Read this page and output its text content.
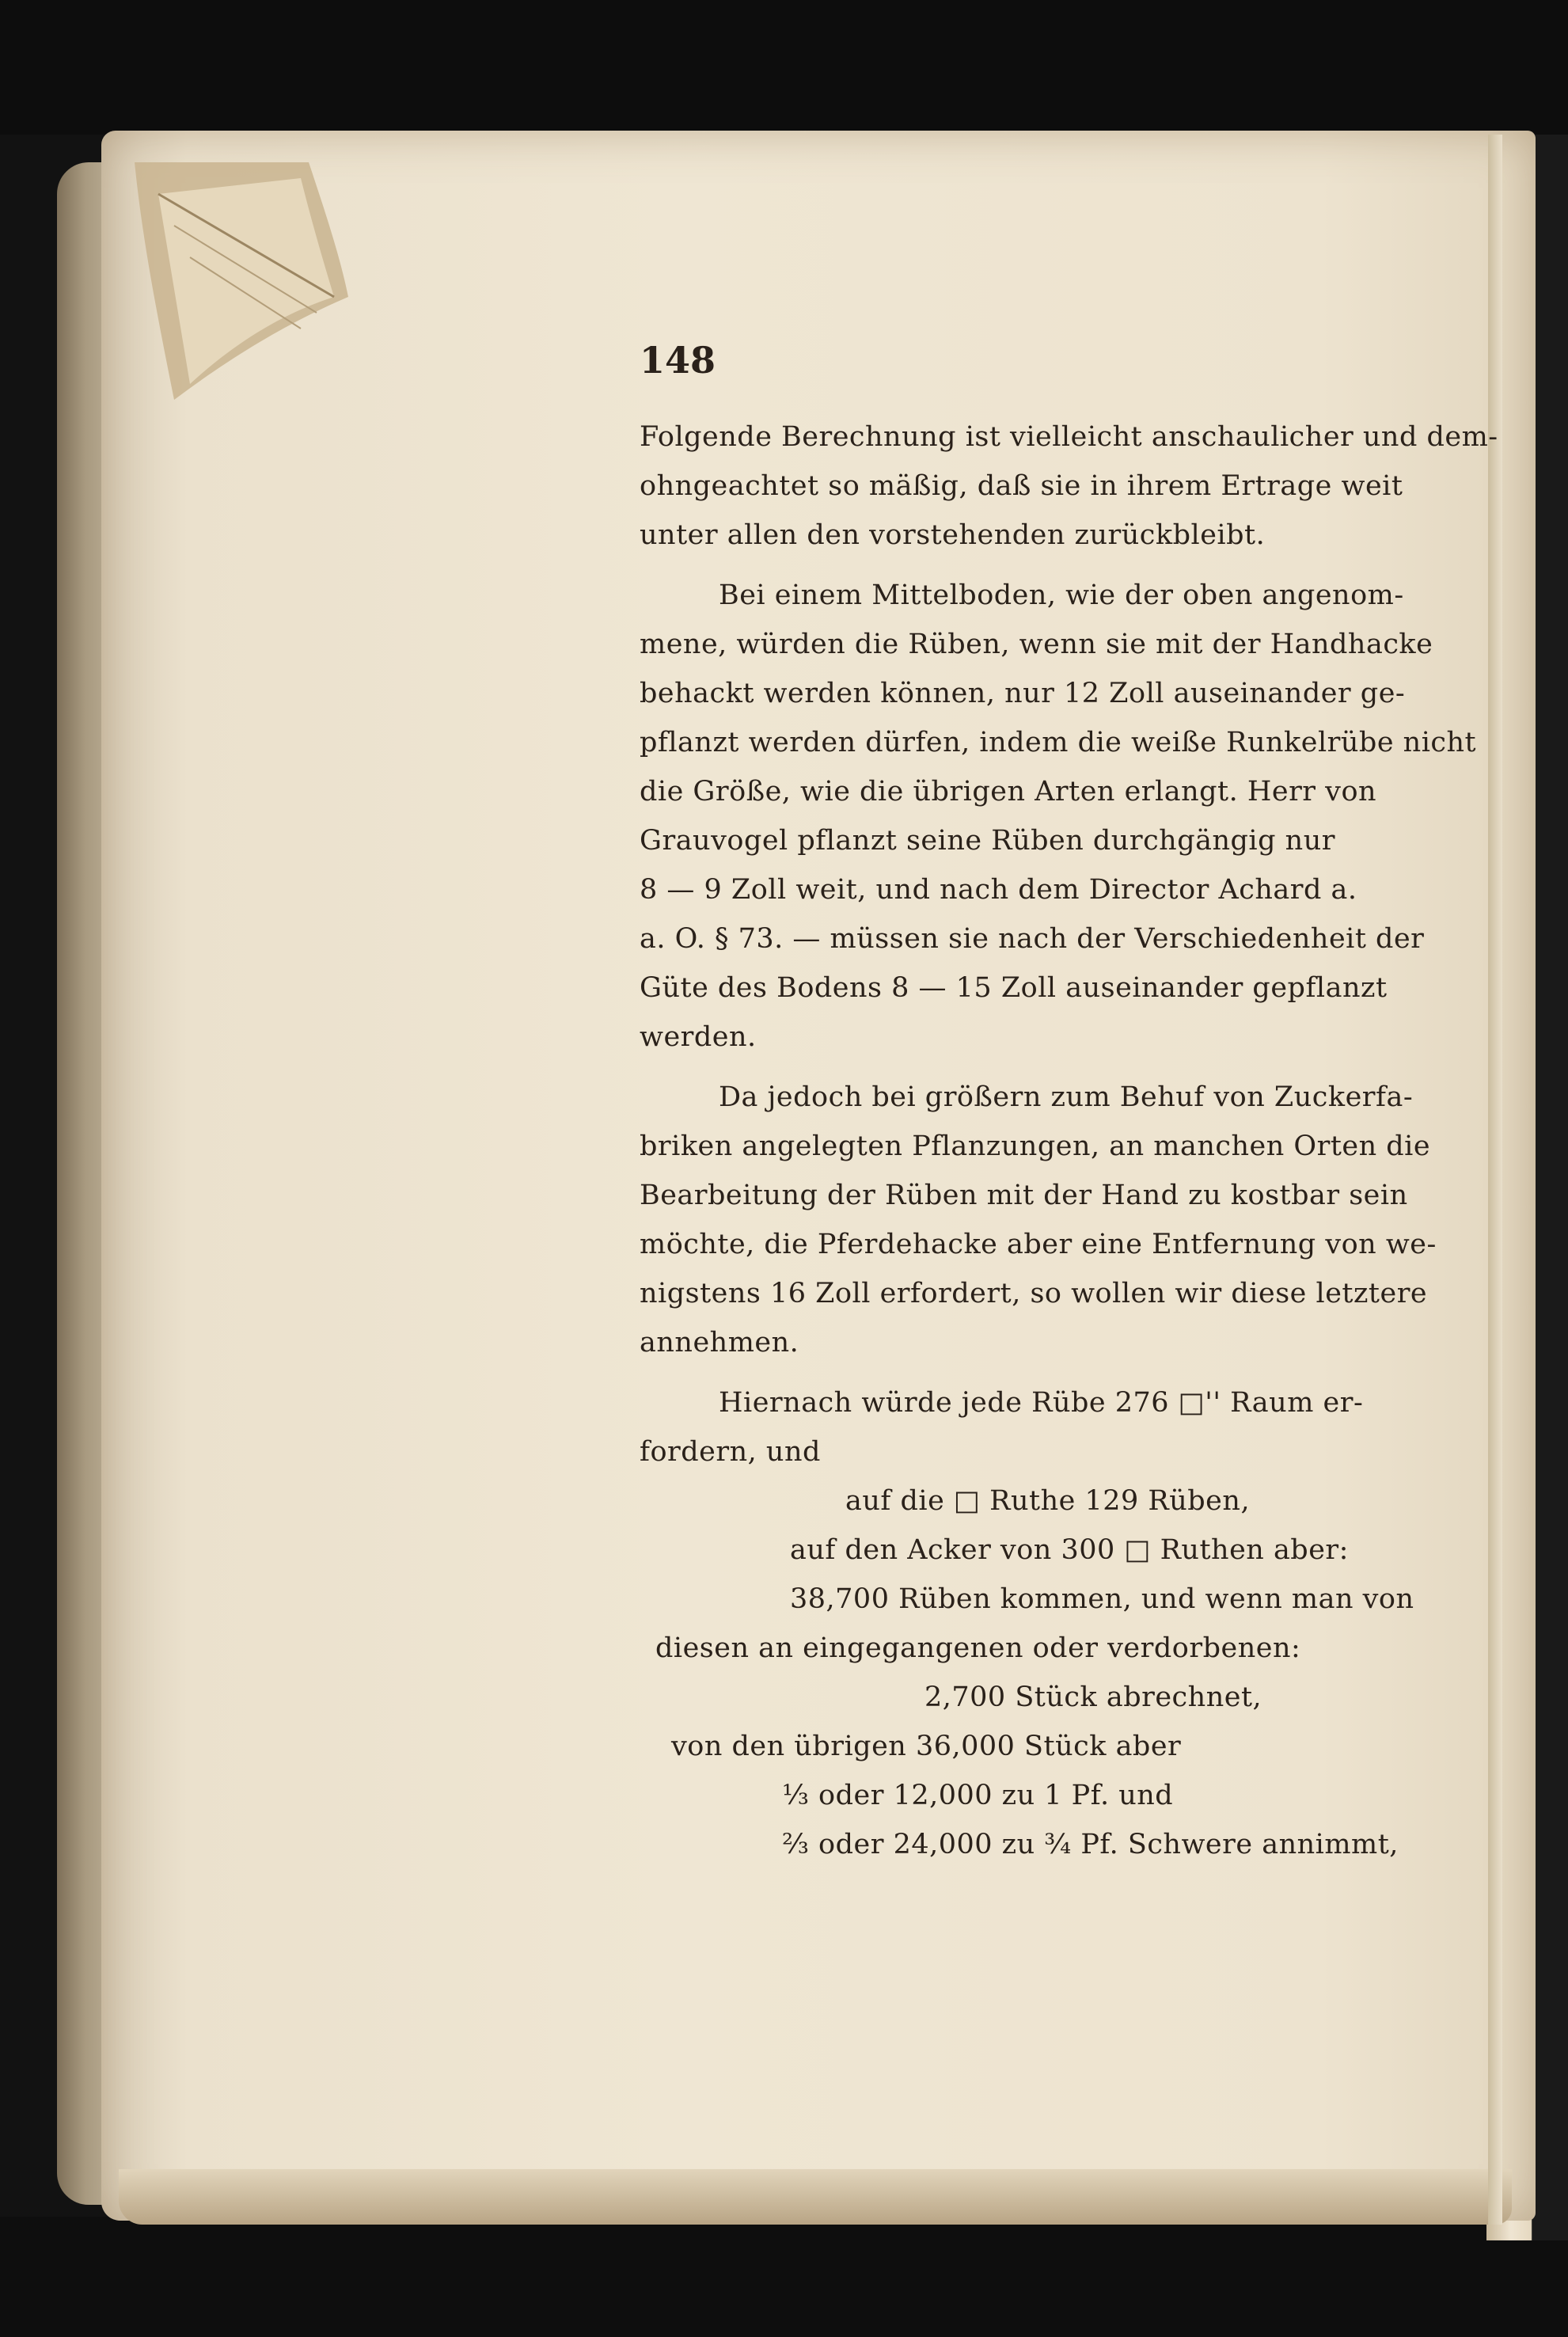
148
Folgende Berechnung ist vielleicht anschaulicher und dem-
ohngeachtet so mäßig, daß sie in ihrem Ertrage weit
unter allen den vorstehenden zurückbleibt.
Bei einem Mittelboden, wie der oben angenom-
mene, würden die Rüben, wenn sie mit der Handhacke
behackt werden können, nur 12 Zoll auseinander ge-
pflanzt werden dürfen, indem die weiße Runkelrübe nicht
die Größe, wie die übrigen Arten erlangt. Herr von
Grauvogel pflanzt seine Rüben durchgängig nur
8 — 9 Zoll weit, und nach dem Director Achard a.
a. O. § 73. — müssen sie nach der Verschiedenheit der
Güte des Bodens 8 — 15 Zoll auseinander gepflanzt
werden.
Da jedoch bei größern zum Behuf von Zuckerfa-
briken angelegten Pflanzungen, an manchen Orten die
Bearbeitung der Rüben mit der Hand zu kostbar sein
möchte, die Pferdehacke aber eine Entfernung von we-
nigstens 16 Zoll erfordert, so wollen wir diese letztere
annehmen.
Hiernach würde jede Rübe 276 □'' Raum er-
fordern, und
auf die □ Ruthe 129 Rüben,
auf den Acker von 300 □ Ruthen aber:
38,700 Rüben kommen, und wenn man von
diesen an eingegangenen oder verdorbenen:
2,700 Stück abrechnet,
von den übrigen 36,000 Stück aber
⅓ oder 12,000 zu 1 Pf. und
⅔ oder 24,000 zu ¾ Pf. Schwere annimmt,
